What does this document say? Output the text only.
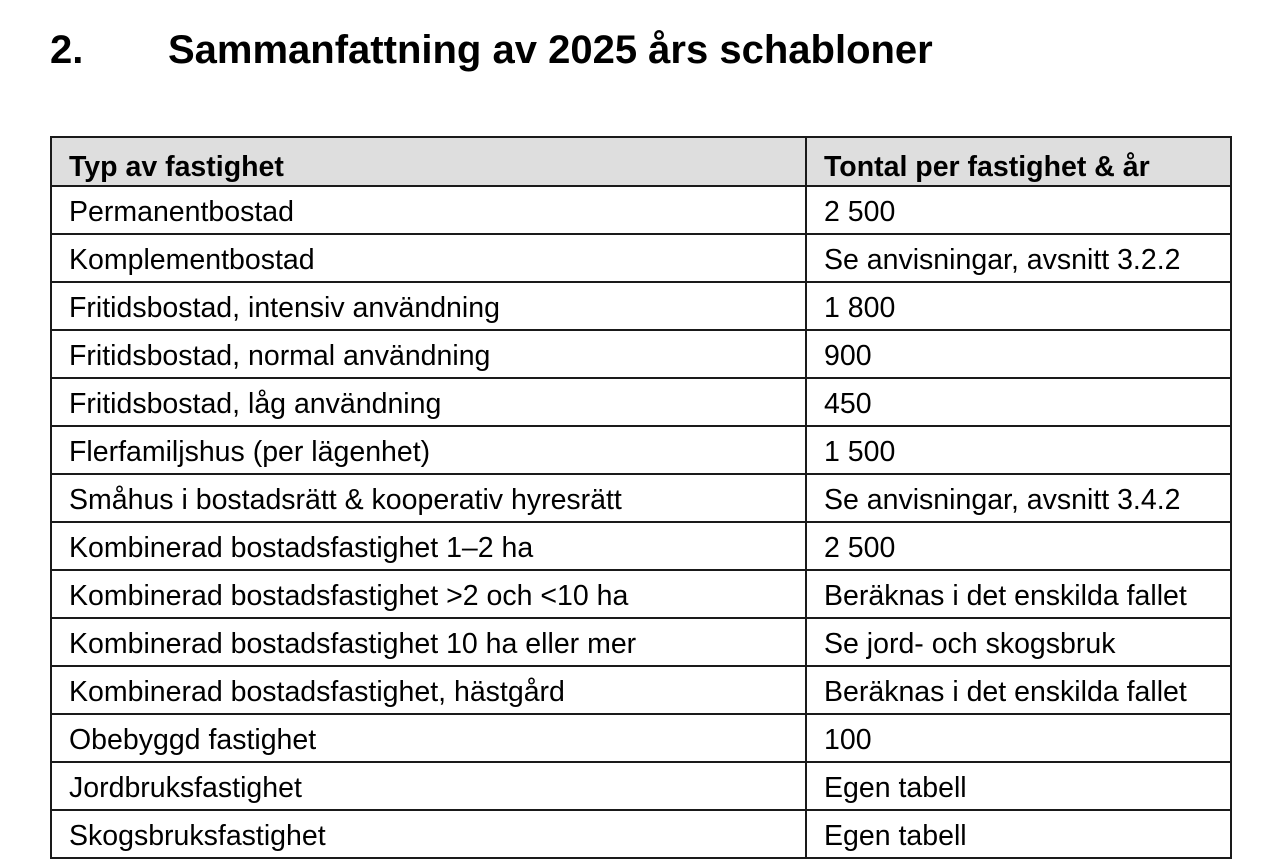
2.	Sammanfattning av 2025 års schabloner
Typ av fastighet	Tontal per fastighet & år
Permanentbostad	2 500
Komplementbostad	Se anvisningar, avsnitt 3.2.2
Fritidsbostad, intensiv användning	1 800
Fritidsbostad, normal användning	900
Fritidsbostad, låg användning	450
Flerfamiljshus (per lägenhet)	1 500
Småhus i bostadsrätt & kooperativ hyresrätt	Se anvisningar, avsnitt 3.4.2
Kombinerad bostadsfastighet 1–2 ha	2 500
Kombinerad bostadsfastighet >2 och <10 ha	Beräknas i det enskilda fallet
Kombinerad bostadsfastighet 10 ha eller mer	Se jord- och skogsbruk
Kombinerad bostadsfastighet, hästgård	Beräknas i det enskilda fallet
Obebyggd fastighet	100
Jordbruksfastighet	Egen tabell
Skogsbruksfastighet	Egen tabell
